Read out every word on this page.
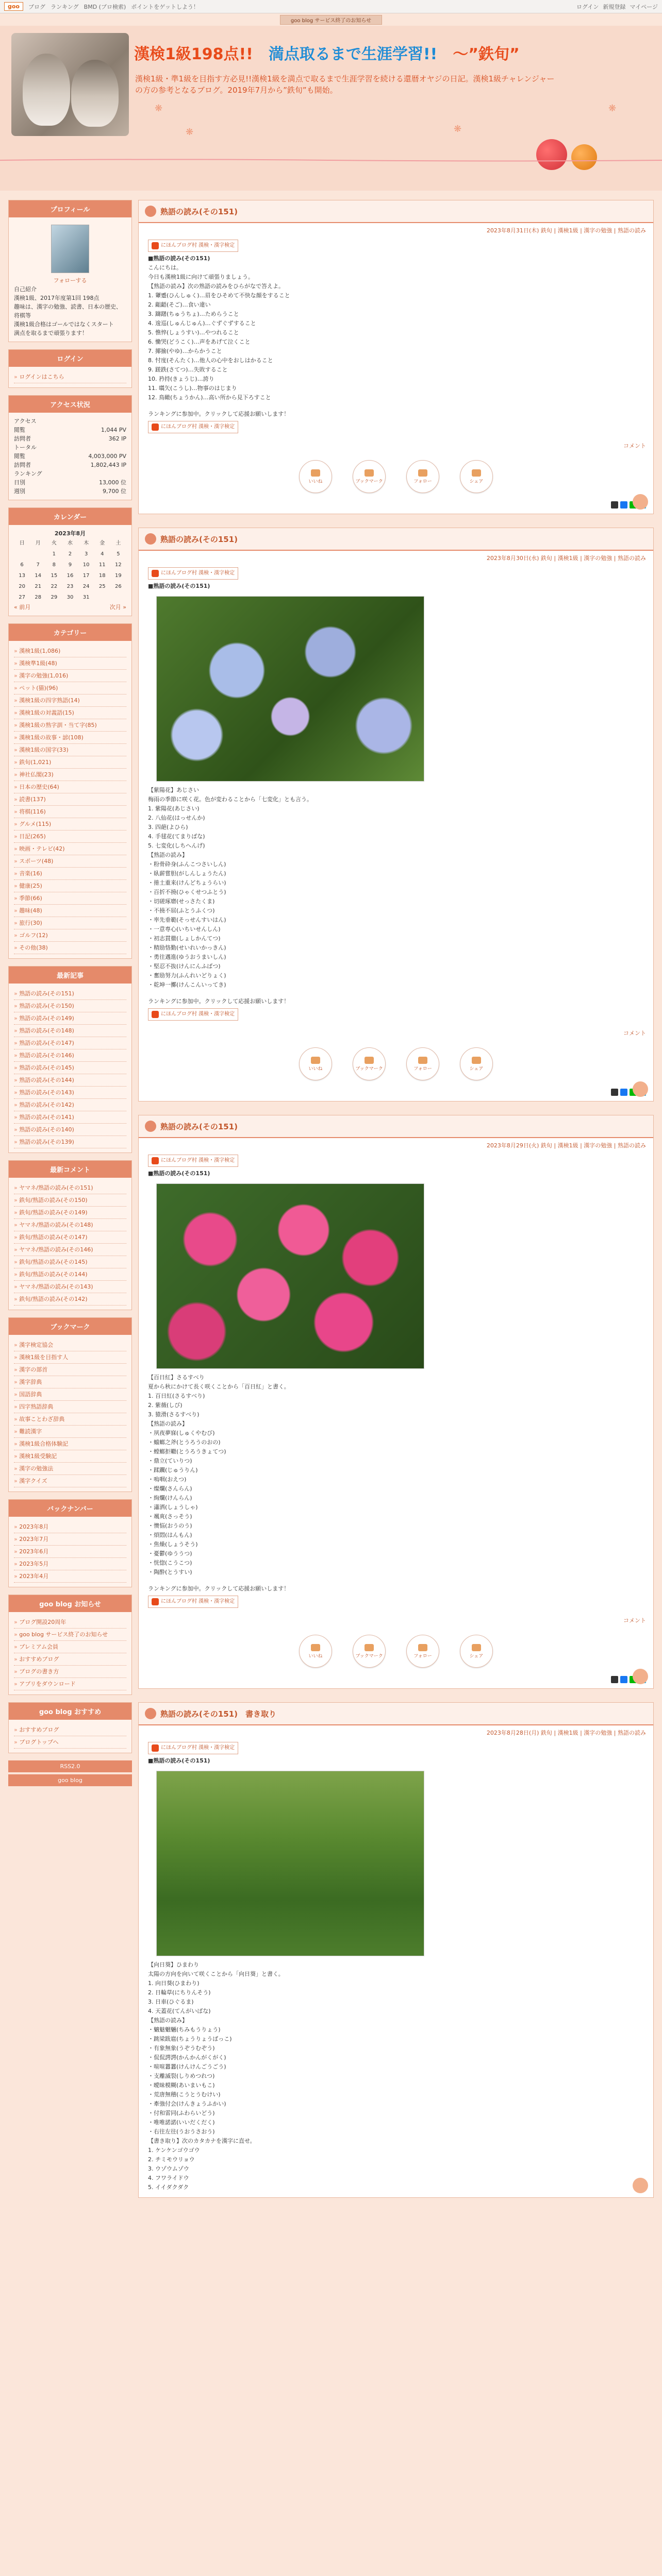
goo	ブログ ランキング BMD (ブロ検索) ポイントをゲットしよう！	ログイン 新規登録 マイページ
goo blog サービス終了のお知らせ
漢検1級198点!!　満点取るまで生涯学習!!　～”鉄旬”
漢検1級・準1級を目指す方必見!!漢検1級を満点で取るまで生涯学習を続ける還暦オヤジの日記。漢検1級チャレンジャーの方の参考となるブログ。2019年7月から”鉄旬”も開始。
❋
❋	❋
❋
プロフィール
フォローする
自己紹介
漢検1級、2017年度第1回 198点
趣味は、漢字の勉強、読書、日本の歴史、将棋等
漢検1級合格はゴールではなくスタート
満点を取るまで頑張ります！
ログイン
» ログインはこちら
アクセス状況
アクセス
閲覧	1,044 PV
訪問者	362 IP
トータル
閲覧	4,003,000 PV
訪問者	1,802,443 IP
ランキング
日別	13,000 位
週別	9,700 位
カレンダー
2023年8月
日	月	火	水	木	金	土
		1	2	3	4	5
6	7	8	9	10	11	12
13	14	15	16	17	18	19
20	21	22	23	24	25	26
27	28	29	30	31		
« 前月	次月 »
カテゴリー
» 漢検1級(1,086)
» 漢検準1級(48)
» 漢字の勉強(1,016)
» ペット(猫)(96)
» 漢検1級の四字熟語(14)
» 漢検1級の対義語(15)
» 漢検1級の熟字訓・当て字(85)
» 漢検1級の故事・諺(108)
» 漢検1級の国字(33)
» 鉄旬(1,021)
» 神社仏閣(23)
» 日本の歴史(64)
» 読書(137)
» 将棋(116)
» グルメ(115)
» 日記(265)
» 映画・テレビ(42)
» スポーツ(48)
» 音楽(16)
» 健康(25)
» 季節(66)
» 趣味(48)
» 旅行(30)
» ゴルフ(12)
» その他(38)
最新記事
» 熟語の読み(その151)
» 熟語の読み(その150)
» 熟語の読み(その149)
» 熟語の読み(その148)
» 熟語の読み(その147)
» 熟語の読み(その146)
» 熟語の読み(その145)
» 熟語の読み(その144)
» 熟語の読み(その143)
» 熟語の読み(その142)
» 熟語の読み(その141)
» 熟語の読み(その140)
» 熟語の読み(その139)
最新コメント
» ヤマネ/熟語の読み(その151)
» 鉄旬/熟語の読み(その150)
» 鉄旬/熟語の読み(その149)
» ヤマネ/熟語の読み(その148)
» 鉄旬/熟語の読み(その147)
» ヤマネ/熟語の読み(その146)
» 鉄旬/熟語の読み(その145)
» 鉄旬/熟語の読み(その144)
» ヤマネ/熟語の読み(その143)
» 鉄旬/熟語の読み(その142)
ブックマーク
» 漢字検定協会
» 漢検1級を目指す人
» 漢字の部首
» 漢字辞典
» 国語辞典
» 四字熟語辞典
» 故事ことわざ辞典
» 難読漢字
» 漢検1級合格体験記
» 漢検1級受験記
» 漢字の勉強法
» 漢字クイズ
バックナンバー
» 2023年8月
» 2023年7月
» 2023年6月
» 2023年5月
» 2023年4月
goo blog お知らせ
» ブログ開設20周年
» goo blog サービス終了のお知らせ
» プレミアム会員
» おすすめブログ
» ブログの書き方
» アプリをダウンロード
goo blog おすすめ
» おすすめブログ
» ブログトップへ
RSS2.0
goo blog
熟語の読み(その151)
2023年8月31日(木) 鉄旬 | 漢検1級 | 漢字の勉強 | 熟語の読み
にほんブログ村 漢検・漢字検定
■熟語の読み(その151)
こんにちは。
今日も漢検1級に向けて頑張りましょう。
【熟語の読み】次の熟語の読みをひらがなで答えよ。
1. 顰蹙(ひんしゅく)…眉をひそめて不快な顔をすること
2. 齟齬(そご)…食い違い
3. 躊躇(ちゅうちょ)…ためらうこと
4. 逡巡(しゅんじゅん)…ぐずぐずすること
5. 憔悴(しょうすい)…やつれること
6. 慟哭(どうこく)…声をあげて泣くこと
7. 揶揄(やゆ)…からかうこと
8. 忖度(そんたく)…他人の心中をおしはかること
9. 蹉跌(さてつ)…失敗すること
10. 矜持(きょうじ)…誇り
11. 嚆矢(こうし)…物事のはじまり
12. 鳥瞰(ちょうかん)…高い所から見下ろすこと
ランキングに参加中。クリックして応援お願いします！
にほんブログ村 漢検・漢字検定
コメント
いいね	ブックマーク	フォロー	シェア
熟語の読み(その151)
2023年8月30日(水) 鉄旬 | 漢検1級 | 漢字の勉強 | 熟語の読み
にほんブログ村 漢検・漢字検定
■熟語の読み(その151)
【紫陽花】あじさい
梅雨の季節に咲く花。色が変わることから「七変化」とも言う。
1. 紫陽花(あじさい)
2. 八仙花(はっせんか)
3. 四葩(よひら)
4. 手毬花(てまりばな)
5. 七変化(しちへんげ)
【熟語の読み】
・粉骨砕身(ふんこつさいしん)
・臥薪嘗胆(がしんしょうたん)
・捲土重来(けんどちょうらい)
・百折不撓(ひゃくせつふとう)
・切磋琢磨(せっさたくま)
・不撓不屈(ふとうふくつ)
・率先垂範(そっせんすいはん)
・一意専心(いちいせんしん)
・初志貫徹(しょしかんてつ)
・精励恪勤(せいれいかっきん)
・勇往邁進(ゆうおうまいしん)
・堅忍不抜(けんにんふばつ)
・奮励努力(ふんれいどりょく)
・乾坤一擲(けんこんいってき)
ランキングに参加中。クリックして応援お願いします！
にほんブログ村 漢検・漢字検定
コメント
いいね	ブックマーク	フォロー	シェア
熟語の読み(その151)
2023年8月29日(火) 鉄旬 | 漢検1級 | 漢字の勉強 | 熟語の読み
にほんブログ村 漢検・漢字検定
■熟語の読み(その151)
【百日紅】さるすべり
夏から秋にかけて長く咲くことから「百日紅」と書く。
1. 百日紅(さるすべり)
2. 紫薇(しび)
3. 猿滑(さるすべり)
【熟語の読み】
・夙夜夢寐(しゅくやむび)
・蟷螂之斧(とうろうのおの)
・螳螂拒轍(とうろうきょてつ)
・鼎立(ていりつ)
・蹂躙(じゅうりん)
・嗚咽(おえつ)
・燦爛(さんらん)
・絢爛(けんらん)
・瀟洒(しょうしゃ)
・颯爽(さっそう)
・懊悩(おうのう)
・煩悶(はんもん)
・焦燥(しょうそう)
・憂鬱(ゆううつ)
・恍惚(こうこつ)
・陶酔(とうすい)
ランキングに参加中。クリックして応援お願いします！
にほんブログ村 漢検・漢字検定
コメント
いいね	ブックマーク	フォロー	シェア
熟語の読み(その151)　書き取り
2023年8月28日(月) 鉄旬 | 漢検1級 | 漢字の勉強 | 熟語の読み
にほんブログ村 漢検・漢字検定
■熟語の読み(その151)
【向日葵】ひまわり
太陽の方向を向いて咲くことから「向日葵」と書く。
1. 向日葵(ひまわり)
2. 日輪草(にちりんそう)
3. 日車(ひぐるま)
4. 天蓋花(てんがいばな)
【熟語の読み】
・魑魅魍魎(ちみもうりょう)
・跳梁跋扈(ちょうりょうばっこ)
・有象無象(うぞうむぞう)
・侃侃諤諤(かんかんがくがく)
・喧喧囂囂(けんけんごうごう)
・支離滅裂(しりめつれつ)
・曖昧模糊(あいまいもこ)
・荒唐無稽(こうとうむけい)
・牽強付会(けんきょうふかい)
・付和雷同(ふわらいどう)
・唯唯諾諾(いいだくだく)
・右往左往(うおうさおう)
【書き取り】次のカタカナを漢字に直せ。
1. ケンケンゴウゴウ
2. チミモウリョウ
3. ウゾウムゾウ
4. フワライドウ
5. イイダクダク
